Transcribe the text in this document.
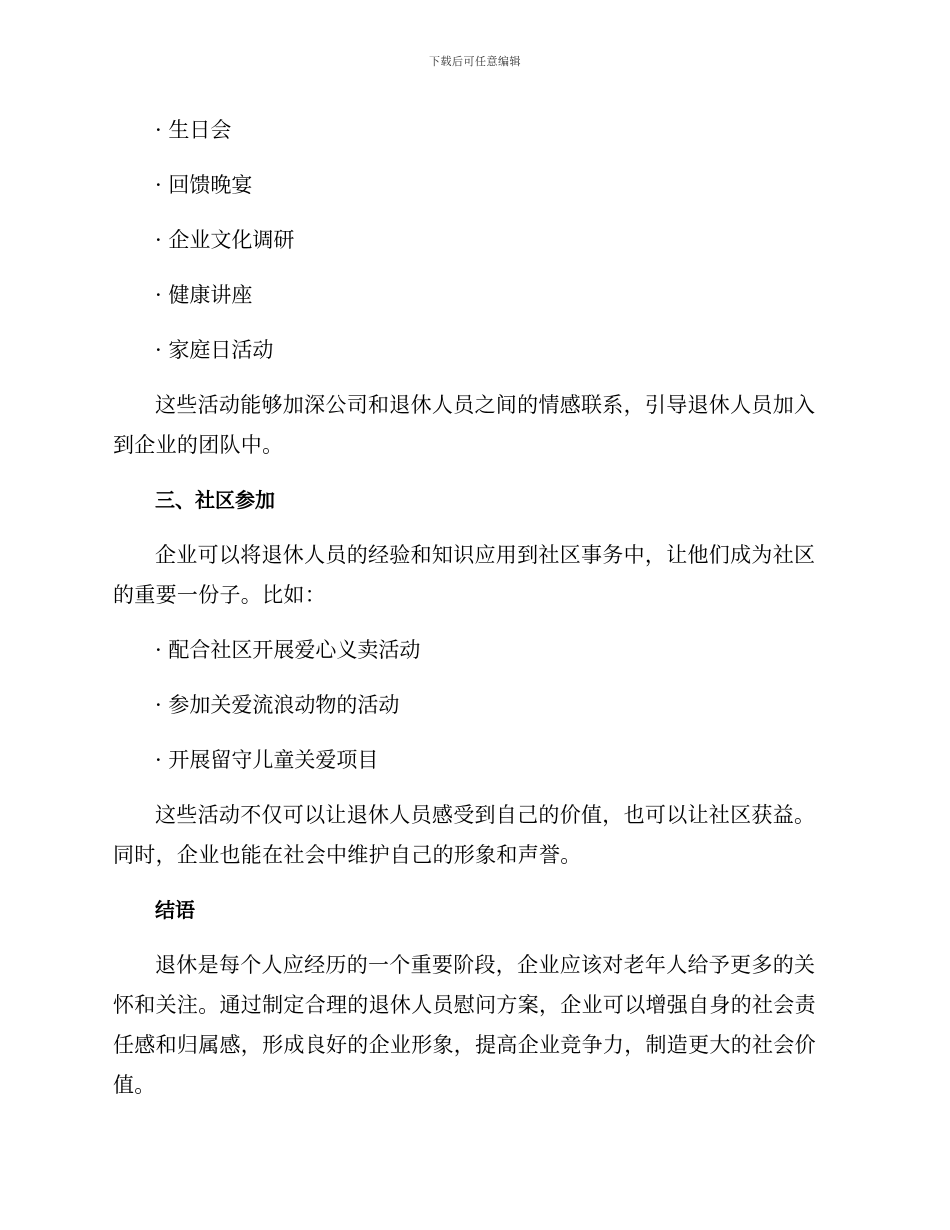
下载后可任意编辑
· 生日会
· 回馈晚宴
· 企业文化调研
· 健康讲座
· 家庭日活动
这些活动能够加深公司和退休人员之间的情感联系，引导退休人员加入到企业的团队中。
三、社区参加
企业可以将退休人员的经验和知识应用到社区事务中，让他们成为社区的重要一份子。比如：
· 配合社区开展爱心义卖活动
· 参加关爱流浪动物的活动
· 开展留守儿童关爱项目
这些活动不仅可以让退休人员感受到自己的价值，也可以让社区获益。同时，企业也能在社会中维护自己的形象和声誉。
结语
退休是每个人应经历的一个重要阶段，企业应该对老年人给予更多的关怀和关注。通过制定合理的退休人员慰问方案，企业可以增强自身的社会责任感和归属感，形成良好的企业形象，提高企业竞争力，制造更大的社会价值。
